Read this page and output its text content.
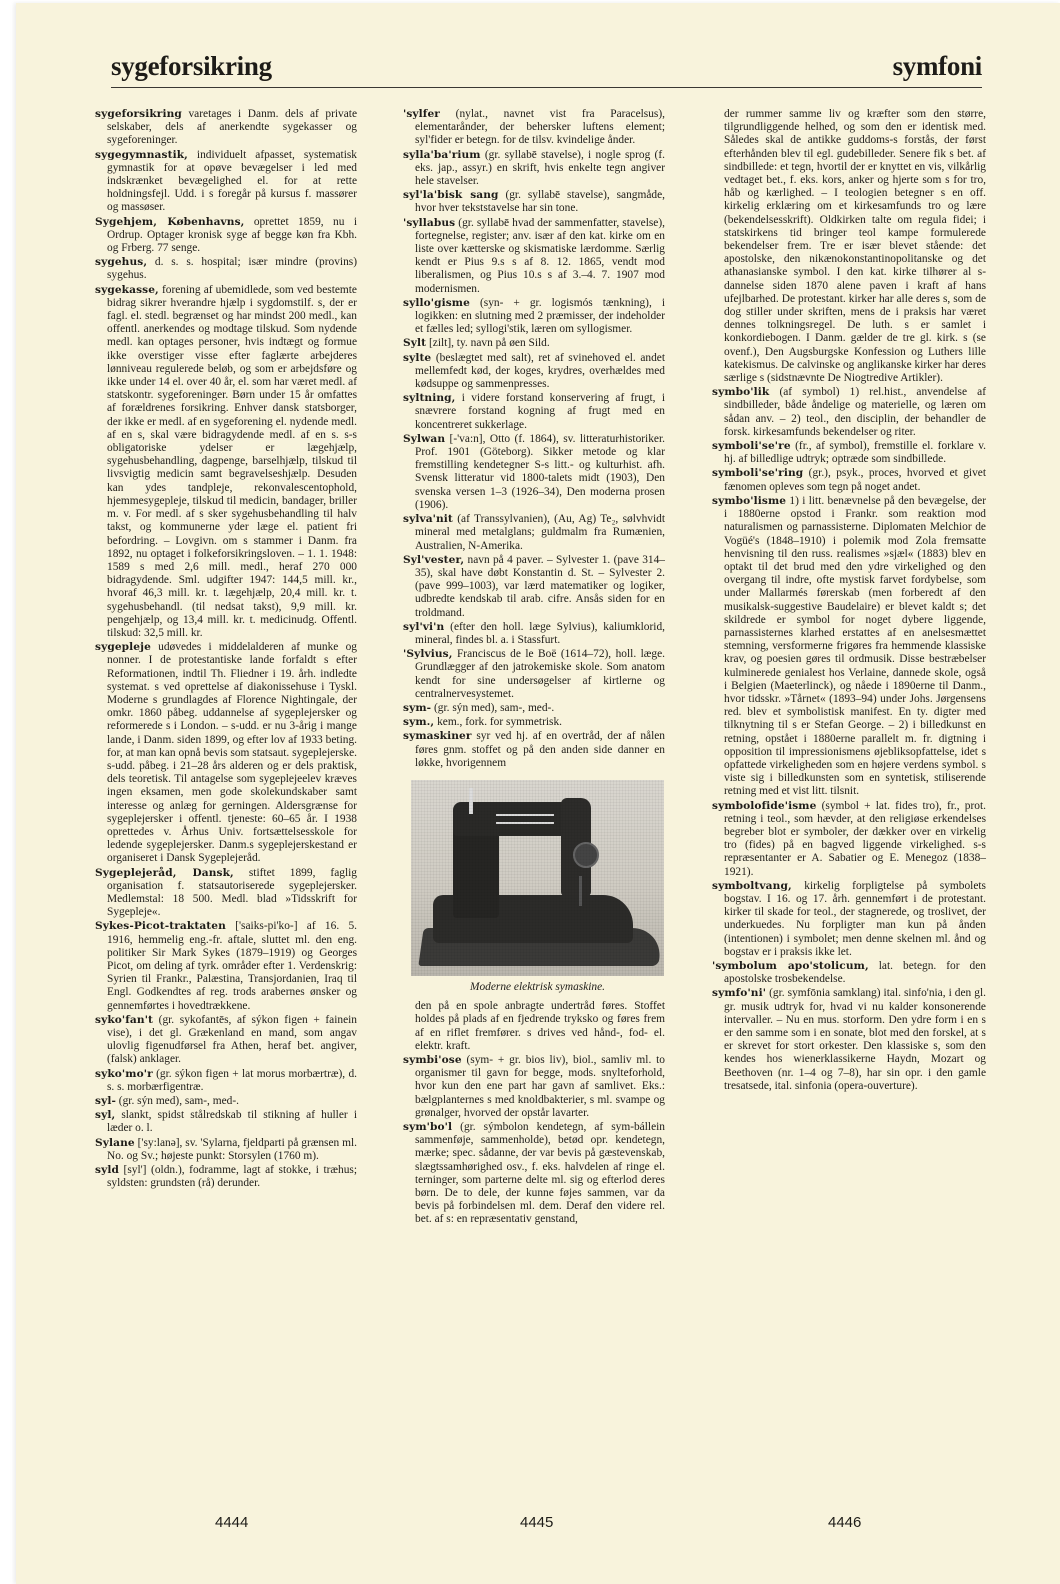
sygeforsikring	symfoni

sygeforsikring varetages i Danm. dels af private selskaber, dels af anerkendte sygekasser og sygeforeninger.

sygegymnastik, individuelt afpasset, systematisk gymnastik for at opøve bevægelser i led med indskrænket bevægelighed el. for at rette holdningsfejl. Udd. i s foregår på kursus f. massører og massøser.

Sygehjem, Københavns, oprettet 1859, nu i Ordrup. Optager kronisk syge af begge køn fra Kbh. og Frberg. 77 senge.

sygehus, d. s. s. hospital; især mindre (provins) sygehus.

sygekasse, forening af ubemidlede, som ved bestemte bidrag sikrer hverandre hjælp i sygdomstilf. s, der er fagl. el. stedl. begrænset og har mindst 200 medl., kan offentl. anerkendes og modtage tilskud. Som nydende medl. kan optages personer, hvis indtægt og formue ikke overstiger visse efter faglærte arbejderes lønniveau regulerede beløb, og som er arbejdsføre og ikke under 14 el. over 40 år, el. som har været medl. af statskontr. sygeforeninger. Børn under 15 år omfattes af forældrenes forsikring. Enhver dansk statsborger, der ikke er medl. af en sygeforening el. nydende medl. af en s, skal være bidragydende medl. af en s. s-s obligatoriske ydelser er lægehjælp, sygehusbehandling, dagpenge, barselhjælp, tilskud til livsvigtig medicin samt begravelseshjælp. Desuden kan ydes tandpleje, rekonvalescentophold, hjemmesygepleje, tilskud til medicin, bandager, briller m. v. For medl. af s sker sygehusbehandling til halv takst, og kommunerne yder læge el. patient fri befordring. – Lovgivn. om s stammer i Danm. fra 1892, nu optaget i folkeforsikringsloven. – 1. 1. 1948: 1589 s med 2,6 mill. medl., heraf 270 000 bidragydende. Sml. udgifter 1947: 144,5 mill. kr., hvoraf 46,3 mill. kr. t. lægehjælp, 20,4 mill. kr. t. sygehusbehandl. (til nedsat takst), 9,9 mill. kr. pengehjælp, og 13,4 mill. kr. t. medicinudg. Offentl. tilskud: 32,5 mill. kr.

sygepleje udøvedes i middelalderen af munke og nonner. I de protestantiske lande forfaldt s efter Reformationen, indtil Th. Fliedner i 19. årh. indledte systemat. s ved oprettelse af diakonissehuse i Tyskl. Moderne s grundlagdes af Florence Nightingale, der omkr. 1860 påbeg. uddannelse af sygeplejersker og reformerede s i London. – s-udd. er nu 3-årig i mange lande, i Danm. siden 1899, og efter lov af 1933 beting. for, at man kan opnå bevis som statsaut. sygeplejerske. s-udd. påbeg. i 21–28 års alderen og er dels praktisk, dels teoretisk. Til antagelse som sygeplejeelev kræves ingen eksamen, men gode skolekundskaber samt interesse og anlæg for gerningen. Aldersgrænse for sygeplejersker i offentl. tjeneste: 60–65 år. I 1938 oprettedes v. Århus Univ. fortsættelsesskole for ledende sygeplejersker. Danm.s sygeplejerskestand er organiseret i Dansk Sygeplejeråd.

Sygeplejeråd, Dansk, stiftet 1899, faglig organisation f. statsautoriserede sygeplejersker. Medlemstal: 18 500. Medl. blad »Tidsskrift for Sygepleje«.

Sykes-Picot-traktaten ['saiks-pi'ko-] af 16. 5. 1916, hemmelig eng.-fr. aftale, sluttet ml. den eng. politiker Sir Mark Sykes (1879–1919) og Georges Picot, om deling af tyrk. områder efter 1. Verdenskrig: Syrien til Frankr., Palæstina, Transjordanien, Iraq til Engl. Godkendtes af reg. trods arabernes ønsker og gennemførtes i hovedtrækkene.

syko'fan't (gr. sykofantēs, af sýkon figen + fainein vise), i det gl. Grækenland en mand, som angav ulovlig figenudførsel fra Athen, heraf bet. angiver, (falsk) anklager.

syko'mo'r (gr. sýkon figen + lat morus morbærtræ), d. s. s. morbærfigentræ.

syl- (gr. sýn med), sam-, med-.

syl, slankt, spidst stålredskab til stikning af huller i læder o. l.

Sylane ['sy:lanə], sv. 'Sylarna, fjeldparti på grænsen ml. No. og Sv.; højeste punkt: Storsylen (1760 m).

syld [syl'] (oldn.), fodramme, lagt af stokke, i træhus; syldsten: grundsten (rå) derunder.

'sylfer (nylat., navnet vist fra Paracelsus), elementarånder, der behersker luftens element; syl'fider er betegn. for de tilsv. kvindelige ånder.

sylla'ba'rium (gr. syllabē stavelse), i nogle sprog (f. eks. jap., assyr.) en skrift, hvis enkelte tegn angiver hele stavelser.

syl'la'bisk sang (gr. syllabē stavelse), sangmåde, hvor hver tekststavelse har sin tone.

'syllabus (gr. syllabē hvad der sammenfatter, stavelse), fortegnelse, register; anv. især af den kat. kirke om en liste over kætterske og skismatiske lærdomme. Særlig kendt er Pius 9.s s af 8. 12. 1865, vendt mod liberalismen, og Pius 10.s s af 3.–4. 7. 1907 mod modernismen.

syllo'gisme (syn- + gr. logismós tænkning), i logikken: en slutning med 2 præmisser, der indeholder et fælles led; syllogi'stik, læren om syllogismer.

Sylt [zilt], ty. navn på øen Sild.

sylte (beslægtet med salt), ret af svinehoved el. andet mellemfedt kød, der koges, krydres, overhældes med kødsuppe og sammenpresses.

syltning, i videre forstand konservering af frugt, i snævrere forstand kogning af frugt med en koncentreret sukkerlage.

Sylwan [-'va:n], Otto (f. 1864), sv. litteraturhistoriker. Prof. 1901 (Göteborg). Sikker metode og klar fremstilling kendetegner S-s litt.- og kulturhist. afh. Svensk litteratur vid 1800-talets midt (1903), Den svenska versen 1–3 (1926–34), Den moderna prosen (1906).

sylva'nit (af Transsylvanien), (Au, Ag) Te₂, sølvhvidt mineral med metalglans; guldmalm fra Rumænien, Australien, N-Amerika.

Syl'vester, navn på 4 paver. – Sylvester 1. (pave 314–35), skal have døbt Konstantin d. St. – Sylvester 2. (pave 999–1003), var lærd matematiker og logiker, udbredte kendskab til arab. cifre. Ansås siden for en troldmand.

syl'vi'n (efter den holl. læge Sylvius), kaliumklorid, mineral, findes bl. a. i Stassfurt.

'Sylvius, Franciscus de le Boë (1614–72), holl. læge. Grundlægger af den jatrokemiske skole. Som anatom kendt for sine undersøgelser af kirtlerne og centralnervesystemet.

sym- (gr. sýn med), sam-, med-.

sym., kem., fork. for symmetrisk.

symaskiner syr ved hj. af en overtråd, der af nålen føres gnm. stoffet og på den anden side danner en løkke, hvorigennem

Moderne elektrisk symaskine.

den på en spole anbragte undertråd føres. Stoffet holdes på plads af en fjedrende tryksko og føres frem af en riflet fremfører. s drives ved hånd-, fod- el. elektr. kraft.

symbi'ose (sym- + gr. bios liv), biol., samliv ml. to organismer til gavn for begge, mods. snylteforhold, hvor kun den ene part har gavn af samlivet. Eks.: bælgplanternes s med knoldbakterier, s ml. svampe og grønalger, hvorved der opstår lavarter.

sym'bo'l (gr. sýmbolon kendetegn, af sym-bállein sammenføje, sammenholde), betød opr. kendetegn, mærke; spec. sådanne, der var bevis på gæstevenskab, slægtssamhørighed osv., f. eks. halvdelen af ringe el. terninger, som parterne delte ml. sig og efterlod deres børn. De to dele, der kunne føjes sammen, var da bevis på forbindelsen ml. dem. Deraf den videre rel. bet. af s: en repræsentativ genstand,

der rummer samme liv og kræfter som den større, tilgrundliggende helhed, og som den er identisk med. Således skal de antikke guddoms-s forstås, der først efterhånden blev til egl. gudebilleder. Senere fik s bet. af sindbillede: et tegn, hvortil der er knyttet en vis, vilkårlig vedtaget bet., f. eks. kors, anker og hjerte som s for tro, håb og kærlighed. – I teologien betegner s en off. kirkelig erklæring om et kirkesamfunds tro og lære (bekendelsesskrift). Oldkirken talte om regula fidei; i statskirkens tid bringer teol kampe formulerede bekendelser frem. Tre er især blevet stående: det apostolske, den nikænokonstantinopolitanske og det athanasianske symbol. I den kat. kirke tilhører al s-dannelse siden 1870 alene paven i kraft af hans ufejlbarhed. De protestant. kirker har alle deres s, som de dog stiller under skriften, mens de i praksis har været dennes tolkningsregel. De luth. s er samlet i konkordiebogen. I Danm. gælder de tre gl. kirk. s (se ovenf.), Den Augsburgske Konfession og Luthers lille katekismus. De calvinske og anglikanske kirker har deres særlige s (sidstnævnte De Niogtredive Artikler).

symbo'lik (af symbol) 1) rel.hist., anvendelse af sindbilleder, både åndelige og materielle, og læren om sådan anv. – 2) teol., den disciplin, der behandler de forsk. kirkesamfunds bekendelser og riter.

symboli'se're (fr., af symbol), fremstille el. forklare v. hj. af billedlige udtryk; optræde som sindbillede.

symboli'se'ring (gr.), psyk., proces, hvorved et givet fænomen opleves som tegn på noget andet.

symbo'lisme 1) i litt. benævnelse på den bevægelse, der i 1880erne opstod i Frankr. som reaktion mod naturalismen og parnassisterne. Diplomaten Melchior de Vogüé's (1848–1910) i polemik mod Zola fremsatte henvisning til den russ. realismes »sjæl« (1883) blev en optakt til det brud med den ydre virkelighed og den overgang til indre, ofte mystisk farvet fordybelse, som under Mallarmés førerskab (men forberedt af den musikalsk-suggestive Baudelaire) er blevet kaldt s; det skildrede er symbol for noget dybere liggende, parnassisternes klarhed erstattes af en anelsesmættet stemning, versformerne frigøres fra hemmende klassiske krav, og poesien gøres til ordmusik. Disse bestræbelser kulminerede genialest hos Verlaine, dannede skole, også i Belgien (Maeterlinck), og nåede i 1890erne til Danm., hvor tidsskr. »Tårnet« (1893–94) under Johs. Jørgensens red. blev et symbolistisk manifest. En ty. digter med tilknytning til s er Stefan George. – 2) i billedkunst en retning, opstået i 1880erne parallelt m. fr. digtning i opposition til impressionismens øjebliksopfattelse, idet s opfattede virkeligheden som en højere verdens symbol. s viste sig i billedkunsten som en syntetisk, stiliserende retning med et vist litt. tilsnit.

symbolofide'isme (symbol + lat. fides tro), fr., prot. retning i teol., som hævder, at den religiøse erkendelses begreber blot er symboler, der dækker over en virkelig tro (fides) på en bagved liggende virkelighed. s-s repræsentanter er A. Sabatier og E. Menegoz (1838–1921).

symboltvang, kirkelig forpligtelse på symbolets bogstav. I 16. og 17. årh. gennemført i de protestant. kirker til skade for teol., der stagnerede, og troslivet, der underkuedes. Nu forpligter man kun på ånden (intentionen) i symbolet; men denne skelnen ml. ånd og bogstav er i praksis ikke let.

'symbolum apo'stolicum, lat. betegn. for den apostolske trosbekendelse.

symfo'ni' (gr. symfōnia samklang) ital. sinfo'nia, i den gl. gr. musik udtryk for, hvad vi nu kalder konsonerende intervaller. – Nu en mus. storform. Den ydre form i en s er den samme som i en sonate, blot med den forskel, at s er skrevet for stort orkester. Den klassiske s, som den kendes hos wienerklassikerne Haydn, Mozart og Beethoven (nr. 1–4 og 7–8), har sin opr. i den gamle tresatsede, ital. sinfonia (opera-ouverture).

4444	4445	4446
